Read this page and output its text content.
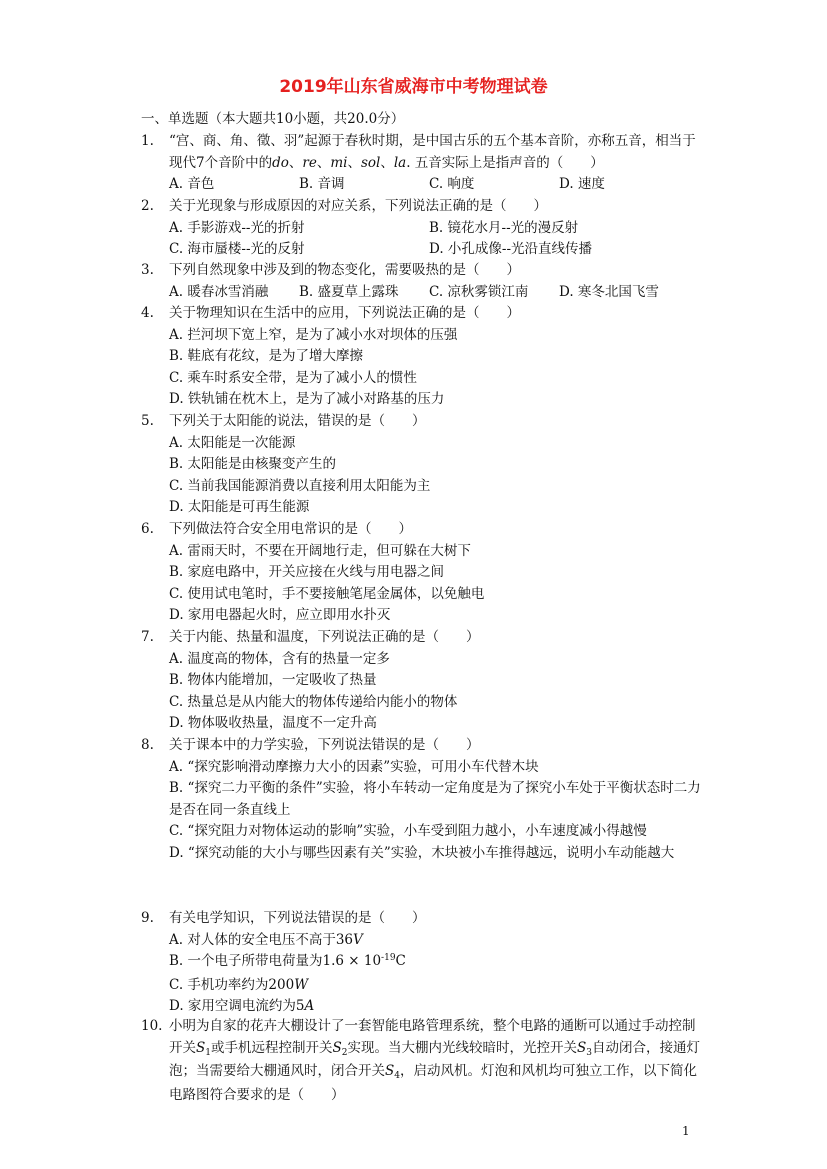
2019年山东省威海市中考物理试卷
一、单选题（本大题共10小题，共20.0分）
1. “宫、商、角、徵、羽”起源于春秋时期，是中国古乐的五个基本音阶，亦称五音，相当于现代7个音阶中的do、re、mi、sol、la. 五音实际上是指声音的（　　）
A. 音色	B. 音调	C. 响度	D. 速度
2. 关于光现象与形成原因的对应关系，下列说法正确的是（　　）
A. 手影游戏--光的折射	B. 镜花水月--光的漫反射
C. 海市蜃楼--光的反射	D. 小孔成像--光沿直线传播
3. 下列自然现象中涉及到的物态变化，需要吸热的是（　　）
A. 暖春冰雪消融	B. 盛夏草上露珠	C. 凉秋雾锁江南	D. 寒冬北国飞雪
4. 关于物理知识在生活中的应用，下列说法正确的是（　　）
A. 拦河坝下宽上窄，是为了减小水对坝体的压强
B. 鞋底有花纹，是为了增大摩擦
C. 乘车时系安全带，是为了减小人的惯性
D. 铁轨铺在枕木上，是为了减小对路基的压力
5. 下列关于太阳能的说法，错误的是（　　）
A. 太阳能是一次能源
B. 太阳能是由核聚变产生的
C. 当前我国能源消费以直接利用太阳能为主
D. 太阳能是可再生能源
6. 下列做法符合安全用电常识的是（　　）
A. 雷雨天时，不要在开阔地行走，但可躲在大树下
B. 家庭电路中，开关应接在火线与用电器之间
C. 使用试电笔时，手不要接触笔尾金属体，以免触电
D. 家用电器起火时，应立即用水扑灭
7. 关于内能、热量和温度，下列说法正确的是（　　）
A. 温度高的物体，含有的热量一定多
B. 物体内能增加，一定吸收了热量
C. 热量总是从内能大的物体传递给内能小的物体
D. 物体吸收热量，温度不一定升高
8. 关于课本中的力学实验，下列说法错误的是（　　）
A. “探究影响滑动摩擦力大小的因素”实验，可用小车代替木块
B. “探究二力平衡的条件”实验，将小车转动一定角度是为了探究小车处于平衡状态时二力是否在同一条直线上
C. “探究阻力对物体运动的影响”实验，小车受到阻力越小，小车速度减小得越慢
D. “探究动能的大小与哪些因素有关”实验，木块被小车推得越远，说明小车动能越大
9. 有关电学知识，下列说法错误的是（　　）
A. 对人体的安全电压不高于36V
B. 一个电子所带电荷量为$1.6 \times 10^{-19}C$
C. 手机功率约为200W
D. 家用空调电流约为5A
10. 小明为自家的花卉大棚设计了一套智能电路管理系统，整个电路的通断可以通过手动控制开关$S_1$或手机远程控制开关$S_2$实现。当大棚内光线较暗时，光控开关$S_3$自动闭合，接通灯泡；当需要给大棚通风时，闭合开关$S_4$，启动风机。灯泡和风机均可独立工作，以下简化电路图符合要求的是（　　）
1
